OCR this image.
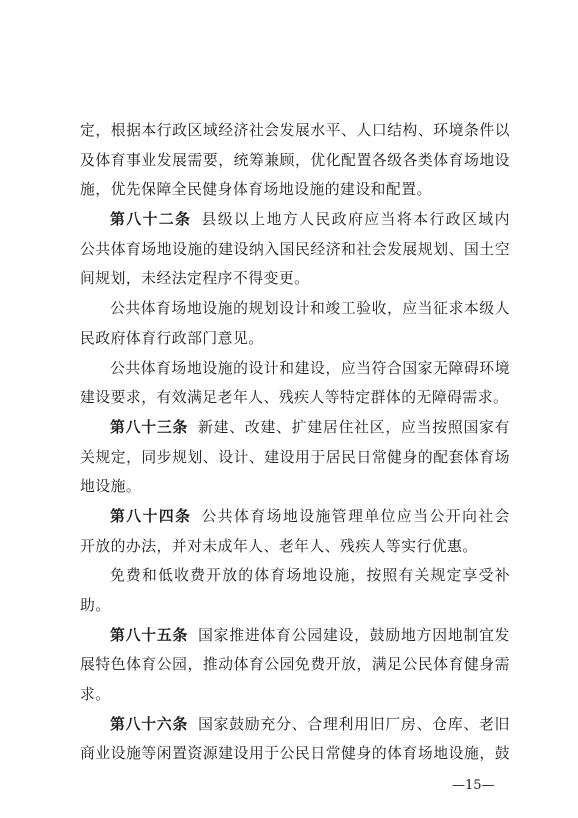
定，根据本行政区域经济社会发展水平、人口结构、环境条件以
及体育事业发展需要，统筹兼顾，优化配置各级各类体育场地设
施，优先保障全民健身体育场地设施的建设和配置。
第八十二条 县级以上地方人民政府应当将本行政区域内
公共体育场地设施的建设纳入国民经济和社会发展规划、国土空
间规划，未经法定程序不得变更。
公共体育场地设施的规划设计和竣工验收，应当征求本级人
民政府体育行政部门意见。
公共体育场地设施的设计和建设，应当符合国家无障碍环境
建设要求，有效满足老年人、残疾人等特定群体的无障碍需求。
第八十三条 新建、改建、扩建居住社区，应当按照国家有
关规定，同步规划、设计、建设用于居民日常健身的配套体育场
地设施。
第八十四条 公共体育场地设施管理单位应当公开向社会
开放的办法，并对未成年人、老年人、残疾人等实行优惠。
免费和低收费开放的体育场地设施，按照有关规定享受补
助。
第八十五条 国家推进体育公园建设，鼓励地方因地制宜发
展特色体育公园，推动体育公园免费开放，满足公民体育健身需
求。
第八十六条 国家鼓励充分、合理利用旧厂房、仓库、老旧
商业设施等闲置资源建设用于公民日常健身的体育场地设施，鼓
—15—
